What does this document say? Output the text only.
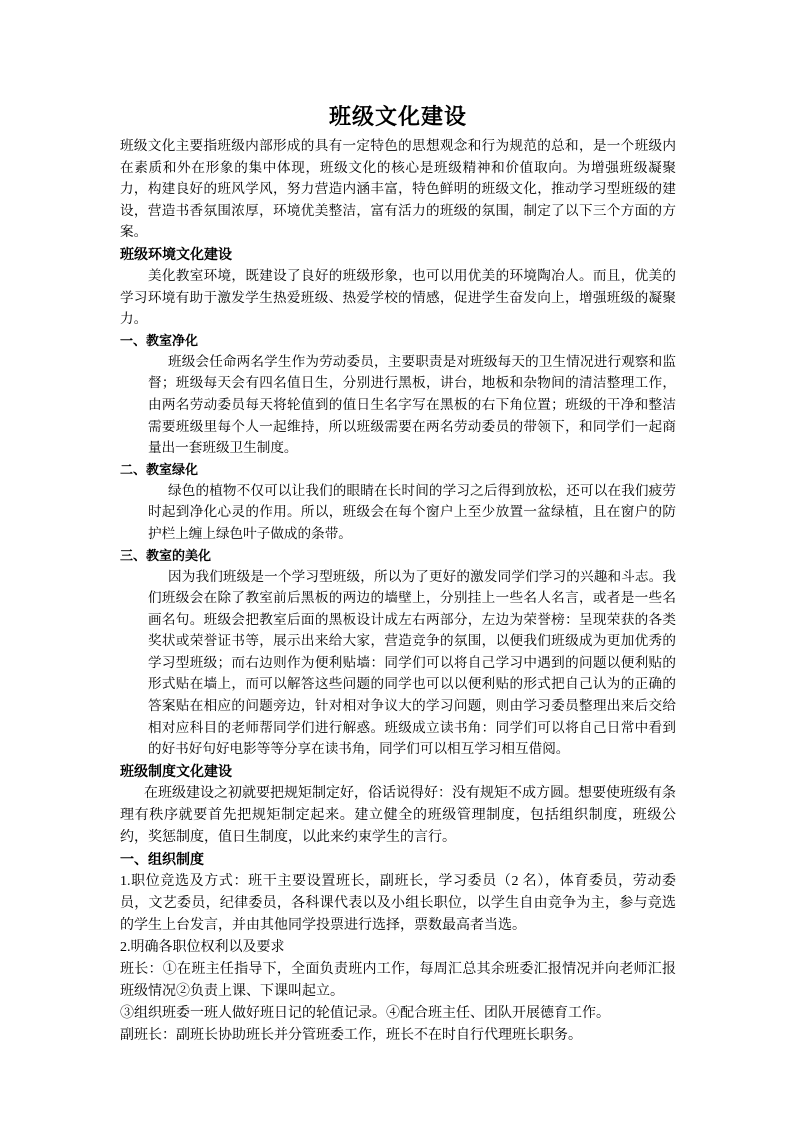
班级文化建设

班级文化主要指班级内部形成的具有一定特色的思想观念和行为规范的总和，是一个班级内在素质和外在形象的集中体现，班级文化的核心是班级精神和价值取向。为增强班级凝聚力，构建良好的班风学风，努力营造内涵丰富，特色鲜明的班级文化，推动学习型班级的建设，营造书香氛围浓厚，环境优美整洁，富有活力的班级的氛围，制定了以下三个方面的方案。

班级环境文化建设

美化教室环境，既建设了良好的班级形象，也可以用优美的环境陶冶人。而且，优美的学习环境有助于激发学生热爱班级、热爱学校的情感，促进学生奋发向上，增强班级的凝聚力。

一、教室净化

班级会任命两名学生作为劳动委员，主要职责是对班级每天的卫生情况进行观察和监督；班级每天会有四名值日生，分别进行黑板，讲台，地板和杂物间的清洁整理工作，由两名劳动委员每天将轮值到的值日生名字写在黑板的右下角位置；班级的干净和整洁需要班级里每个人一起维持，所以班级需要在两名劳动委员的带领下，和同学们一起商量出一套班级卫生制度。

二、教室绿化

绿色的植物不仅可以让我们的眼睛在长时间的学习之后得到放松，还可以在我们疲劳时起到净化心灵的作用。所以，班级会在每个窗户上至少放置一盆绿植，且在窗户的防护栏上缠上绿色叶子做成的条带。

三、教室的美化

因为我们班级是一个学习型班级，所以为了更好的激发同学们学习的兴趣和斗志。我们班级会在除了教室前后黑板的两边的墙壁上，分别挂上一些名人名言，或者是一些名画名句。班级会把教室后面的黑板设计成左右两部分，左边为荣誉榜：呈现荣获的各类奖状或荣誉证书等，展示出来给大家，营造竞争的氛围，以便我们班级成为更加优秀的学习型班级；而右边则作为便利贴墙：同学们可以将自己学习中遇到的问题以便利贴的形式贴在墙上，而可以解答这些问题的同学也可以以便利贴的形式把自己认为的正确的答案贴在相应的问题旁边，针对相对争议大的学习问题，则由学习委员整理出来后交给相对应科目的老师帮同学们进行解惑。班级成立读书角：同学们可以将自己日常中看到的好书好句好电影等等分享在读书角，同学们可以相互学习相互借阅。

班级制度文化建设

在班级建设之初就要把规矩制定好，俗话说得好：没有规矩不成方圆。想要使班级有条理有秩序就要首先把规矩制定起来。建立健全的班级管理制度，包括组织制度，班级公约，奖惩制度，值日生制度，以此来约束学生的言行。

一、组织制度

1.职位竞选及方式：班干主要设置班长，副班长，学习委员（2 名），体育委员，劳动委员，文艺委员，纪律委员，各科课代表以及小组长职位，以学生自由竞争为主，参与竞选的学生上台发言，并由其他同学投票进行选择，票数最高者当选。

2.明确各职位权利以及要求

班长：①在班主任指导下，全面负责班内工作，每周汇总其余班委汇报情况并向老师汇报班级情况②负责上课、下课叫起立。

③组织班委一班人做好班日记的轮值记录。④配合班主任、团队开展德育工作。

副班长：副班长协助班长并分管班委工作，班长不在时自行代理班长职务。
